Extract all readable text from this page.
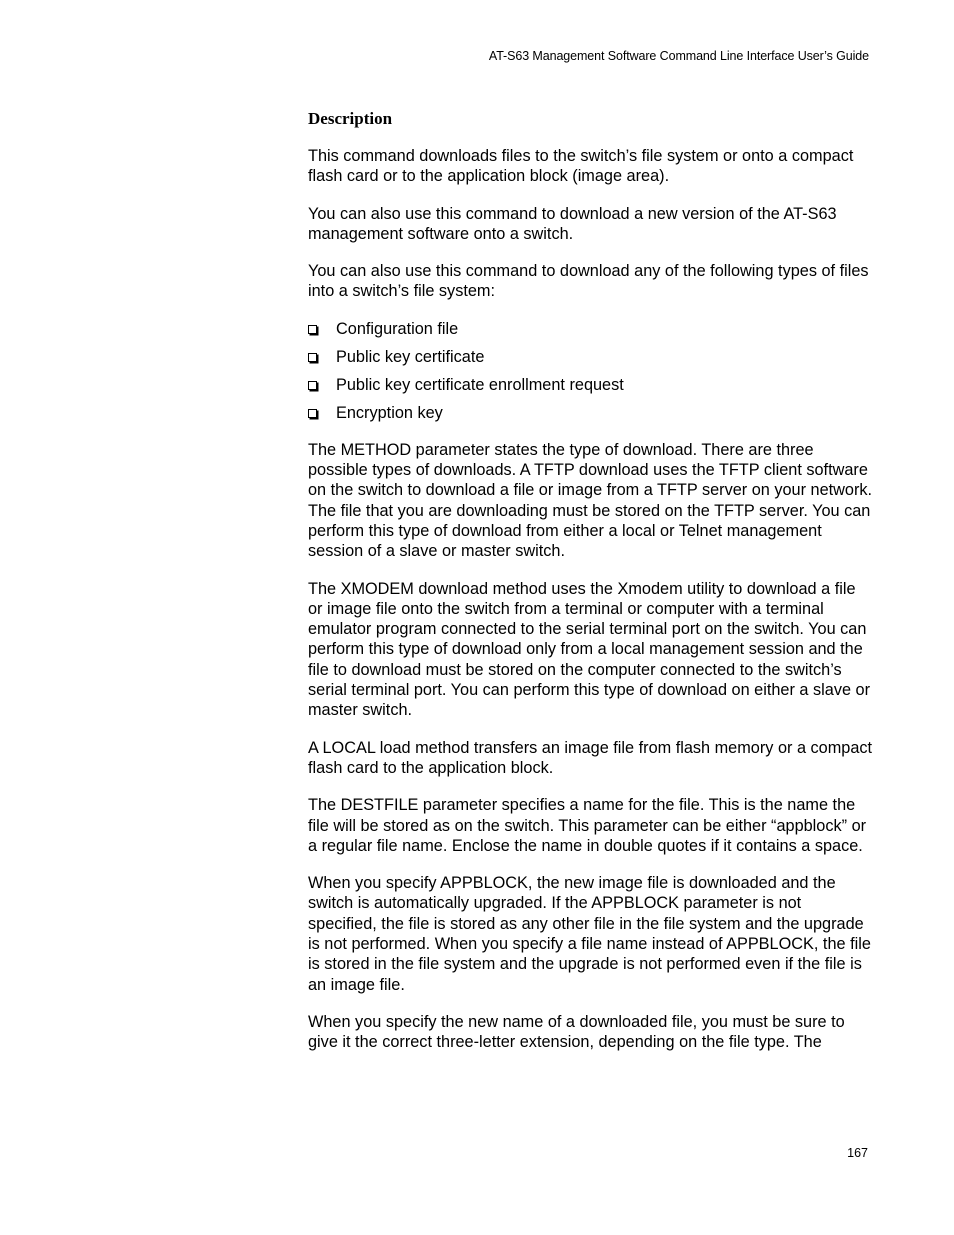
AT-S63 Management Software Command Line Interface User’s Guide
Description

This command downloads files to the switch’s file system or onto a compact flash card or to the application block (image area).

You can also use this command to download a new version of the AT-S63 management software onto a switch.

You can also use this command to download any of the following types of files into a switch’s file system:

Configuration file
Public key certificate
Public key certificate enrollment request
Encryption key

The METHOD parameter states the type of download. There are three possible types of downloads. A TFTP download uses the TFTP client software on the switch to download a file or image from a TFTP server on your network. The file that you are downloading must be stored on the TFTP server. You can perform this type of download from either a local or Telnet management session of a slave or master switch.

The XMODEM download method uses the Xmodem utility to download a file or image file onto the switch from a terminal or computer with a terminal emulator program connected to the serial terminal port on the switch. You can perform this type of download only from a local management session and the file to download must be stored on the computer connected to the switch’s serial terminal port. You can perform this type of download on either a slave or master switch.

A LOCAL load method transfers an image file from flash memory or a compact flash card to the application block.

The DESTFILE parameter specifies a name for the file. This is the name the file will be stored as on the switch. This parameter can be either “appblock” or a regular file name. Enclose the name in double quotes if it contains a space.

When you specify APPBLOCK, the new image file is downloaded and the switch is automatically upgraded. If the APPBLOCK parameter is not specified, the file is stored as any other file in the file system and the upgrade is not performed. When you specify a file name instead of APPBLOCK, the file is stored in the file system and the upgrade is not performed even if the file is an image file.

When you specify the new name of a downloaded file, you must be sure to give it the correct three-letter extension, depending on the file type. The

167
